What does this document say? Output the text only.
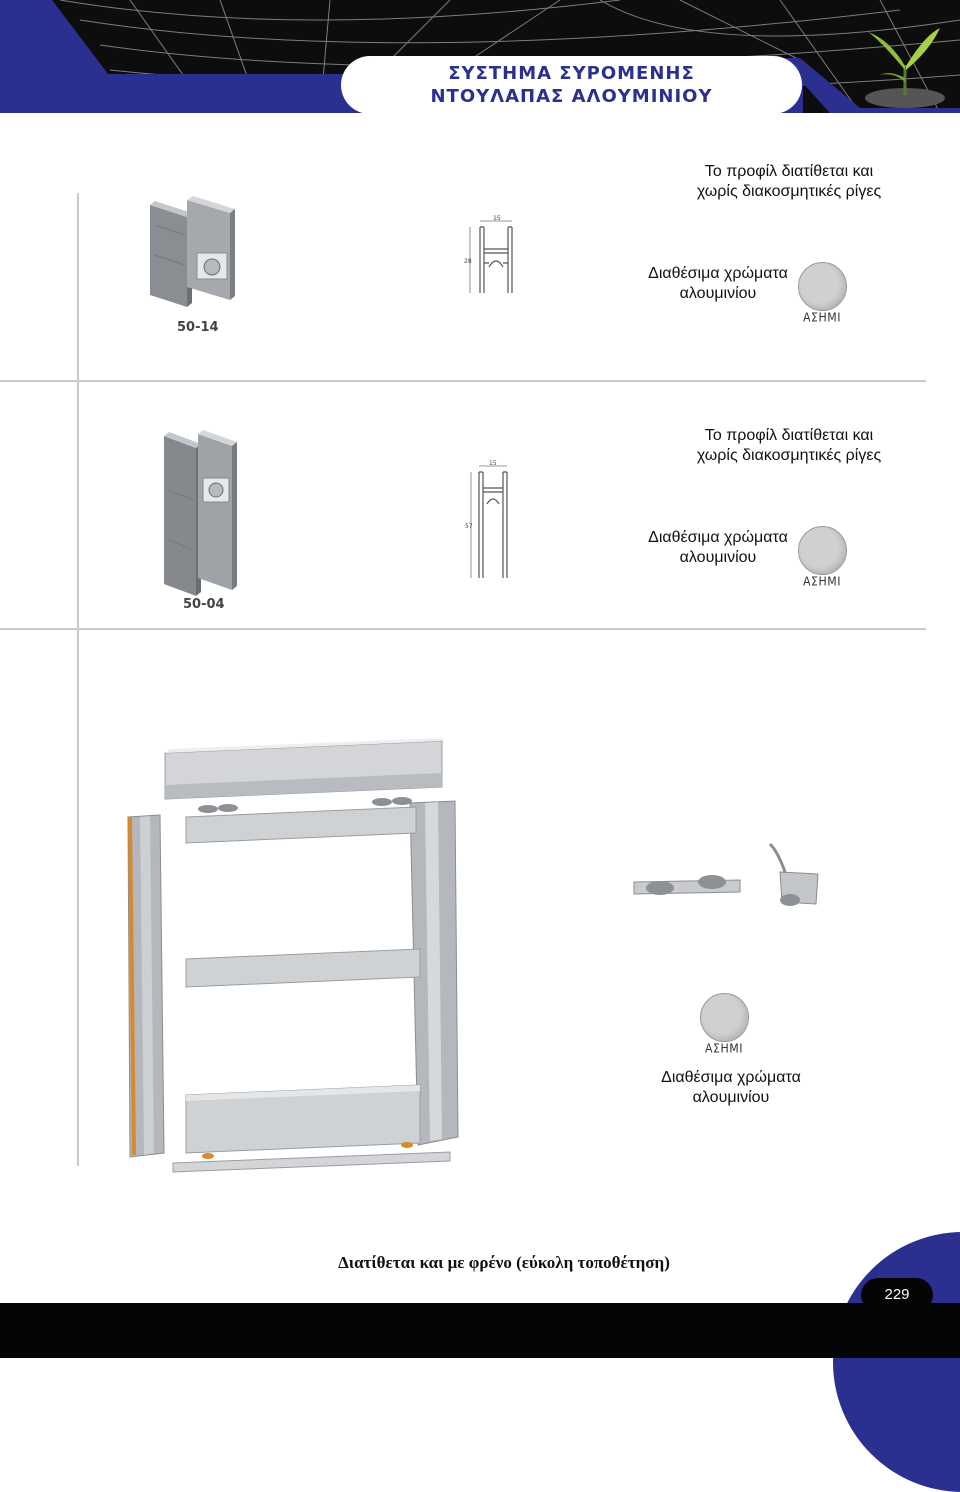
ΣΥΣΤΗΜΑ ΣΥΡΟΜΕΝΗΣ
ΝΤΟΥΛΑΠΑΣ ΑΛΟΥΜΙΝΙΟΥ
50-14
15
28
Το προφίλ διατίθεται και
χωρίς διακοσμητικές ρίγες
Διαθέσιμα χρώματα
αλουμινίου
ΑΣΗΜΙ
50-04
15
57
Το προφίλ διατίθεται και
χωρίς διακοσμητικές ρίγες
Διαθέσιμα χρώματα
αλουμινίου
ΑΣΗΜΙ
ΑΣΗΜΙ
Διαθέσιμα χρώματα
αλουμινίου
229
Διατίθεται και με φρένο (εύκολη τοποθέτηση)
